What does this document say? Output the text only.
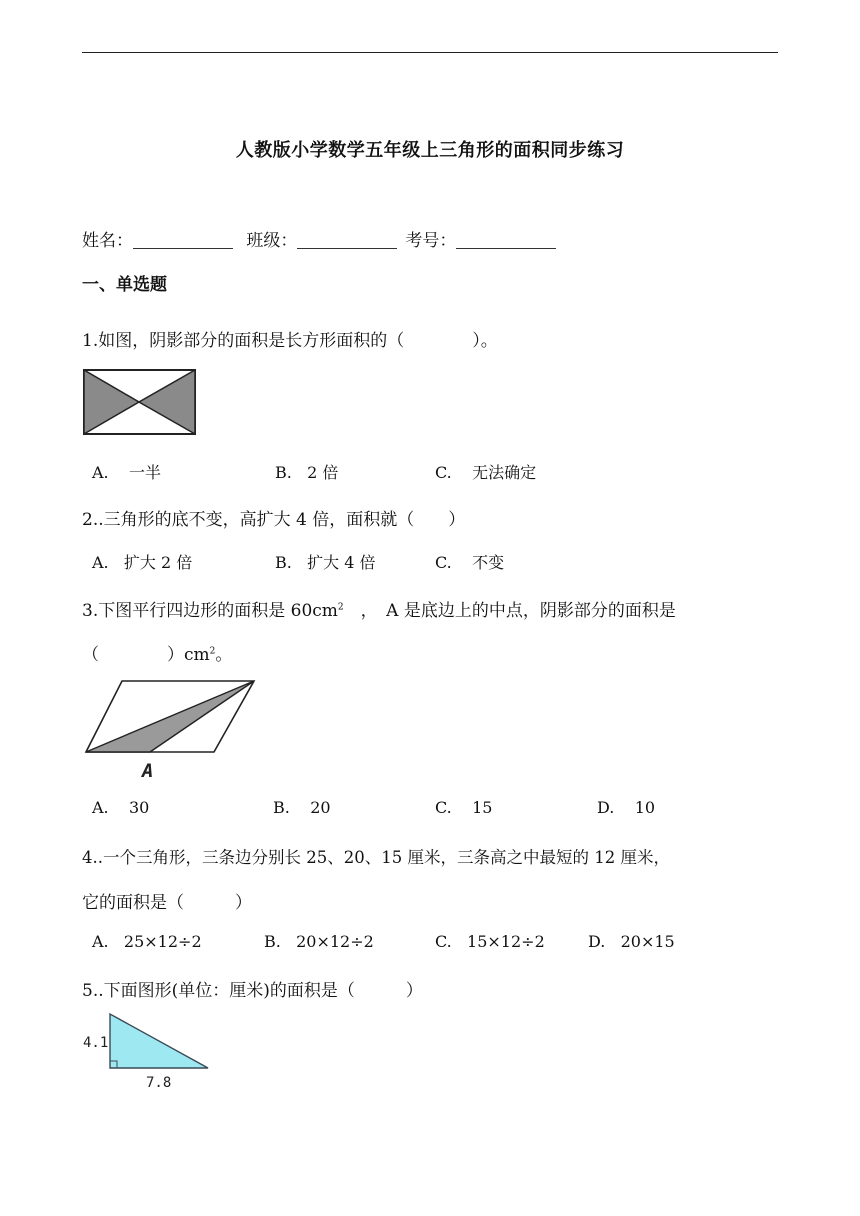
人教版小学数学五年级上三角形的面积同步练习
姓名：	班级：	考号：
一、单选题
1.如图，阴影部分的面积是长方形面积的（　　　　）。
A. 一半	B. 2 倍	C. 无法确定
2..三角形的底不变，高扩大 4 倍，面积就（　　）
A. 扩大 2 倍	B. 扩大 4 倍	C. 不变
3.下图平行四边形的面积是 $60cm^2$　，　A 是底边上的中点，阴影部分的面积是
（　　　　）$cm^2$。
A
A. 30	B. 20	C. 15	D. 10
4..一个三角形，三条边分别长 25、20、15 厘米，三条高之中最短的 12 厘米，
它的面积是（　　　）
A. 25×12÷2	B. 20×12÷2	C. 15×12÷2	D. 20×15
5..下面图形(单位：厘米)的面积是（　　　）
4.1
7.8
